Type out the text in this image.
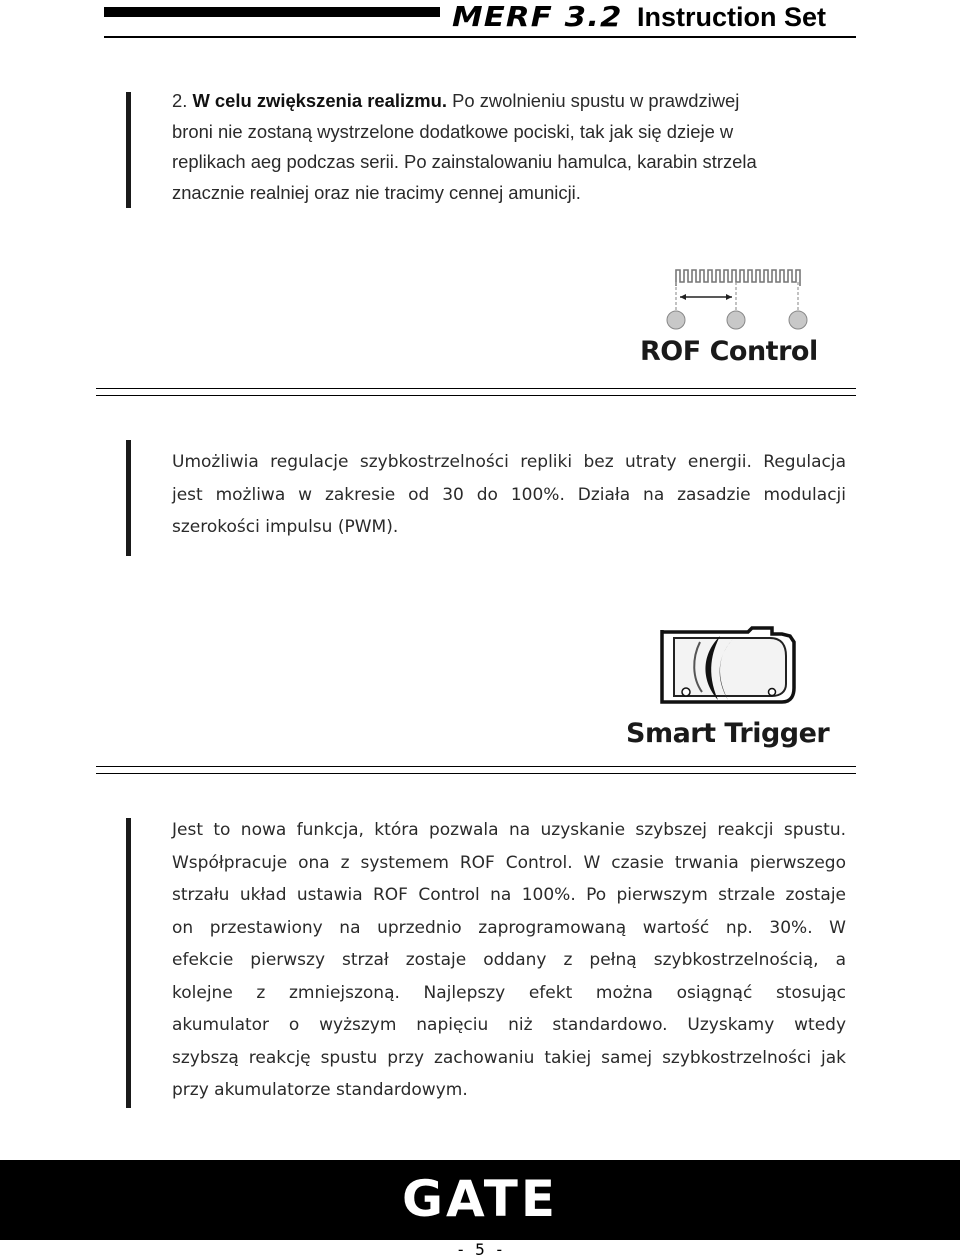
MERF 3.2 Instruction Set
2. W celu zwiększenia realizmu. Po zwolnieniu spustu w prawdziwej
broni nie zostaną wystrzelone dodatkowe pociski, tak jak się dzieje w
replikach aeg podczas serii. Po zainstalowaniu hamulca, karabin strzela
znacznie realniej oraz nie tracimy cennej amunicji.
ROF Control
Umożliwia regulacje szybkostrzelności repliki bez utraty energii. Regulacja
jest możliwa w zakresie od 30 do 100%. Działa na zasadzie modulacji
szerokości impulsu (PWM).
Smart Trigger
Jest to nowa funkcja, która pozwala na uzyskanie szybszej reakcji spustu.
Współpracuje ona z systemem ROF Control. W czasie trwania pierwszego
strzału układ ustawia ROF Control na 100%. Po pierwszym strzale zostaje
on przestawiony na uprzednio zaprogramowaną wartość np. 30%. W
efekcie pierwszy strzał zostaje oddany z pełną szybkostrzelnością, a
kolejne z zmniejszoną. Najlepszy efekt można osiągnąć stosując
akumulator o wyższym napięciu niż standardowo. Uzyskamy wtedy
szybszą reakcję spustu przy zachowaniu takiej samej szybkostrzelności jak
przy akumulatorze standardowym.
GATE
- 5 -
